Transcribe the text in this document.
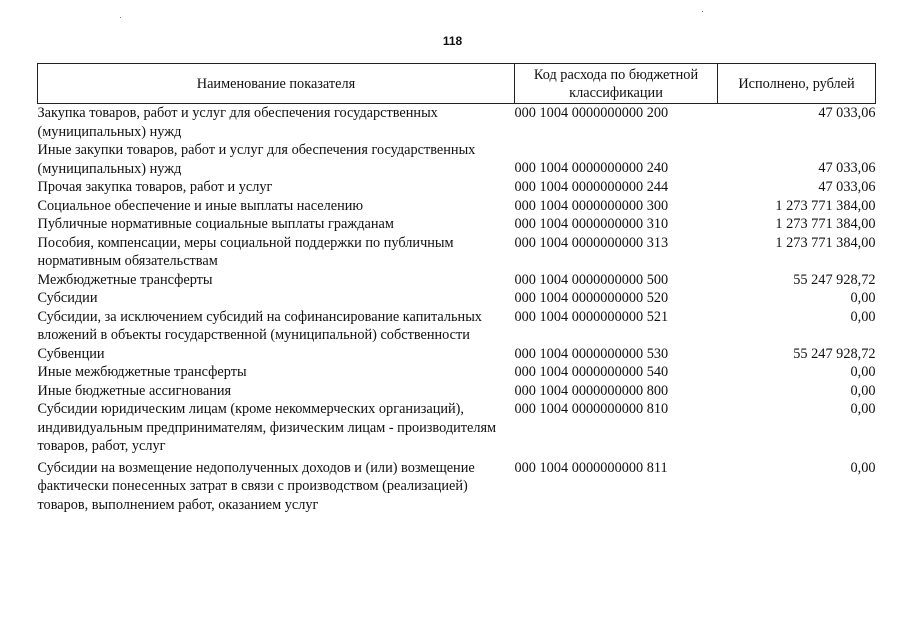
118
Наименование показателя	Код расхода по бюджетной классификации	Исполнено, рублей
Закупка товаров, работ и услуг для обеспечения государственных (муниципальных) нужд	000 1004 0000000000 200	47 033,06
Иные закупки товаров, работ и услуг для обеспечения государственных (муниципальных) нужд	000 1004 0000000000 240	47 033,06
Прочая закупка товаров, работ и услуг	000 1004 0000000000 244	47 033,06
Социальное обеспечение и иные выплаты населению	000 1004 0000000000 300	1 273 771 384,00
Публичные нормативные социальные выплаты гражданам	000 1004 0000000000 310	1 273 771 384,00
Пособия, компенсации, меры социальной поддержки по публичным нормативным обязательствам	000 1004 0000000000 313	1 273 771 384,00
Межбюджетные трансферты	000 1004 0000000000 500	55 247 928,72
Субсидии	000 1004 0000000000 520	0,00
Субсидии, за исключением субсидий на софинансирование капитальных вложений в объекты государственной (муниципальной) собственности	000 1004 0000000000 521	0,00
Субвенции	000 1004 0000000000 530	55 247 928,72
Иные межбюджетные трансферты	000 1004 0000000000 540	0,00
Иные бюджетные ассигнования	000 1004 0000000000 800	0,00
Субсидии юридическим лицам (кроме некоммерческих организаций), индивидуальным предпринимателям, физическим лицам - производителям товаров, работ, услуг	000 1004 0000000000 810	0,00
Субсидии на возмещение недополученных доходов и (или) возмещение фактически понесенных затрат в связи с производством (реализацией) товаров, выполнением работ, оказанием услуг	000 1004 0000000000 811	0,00
